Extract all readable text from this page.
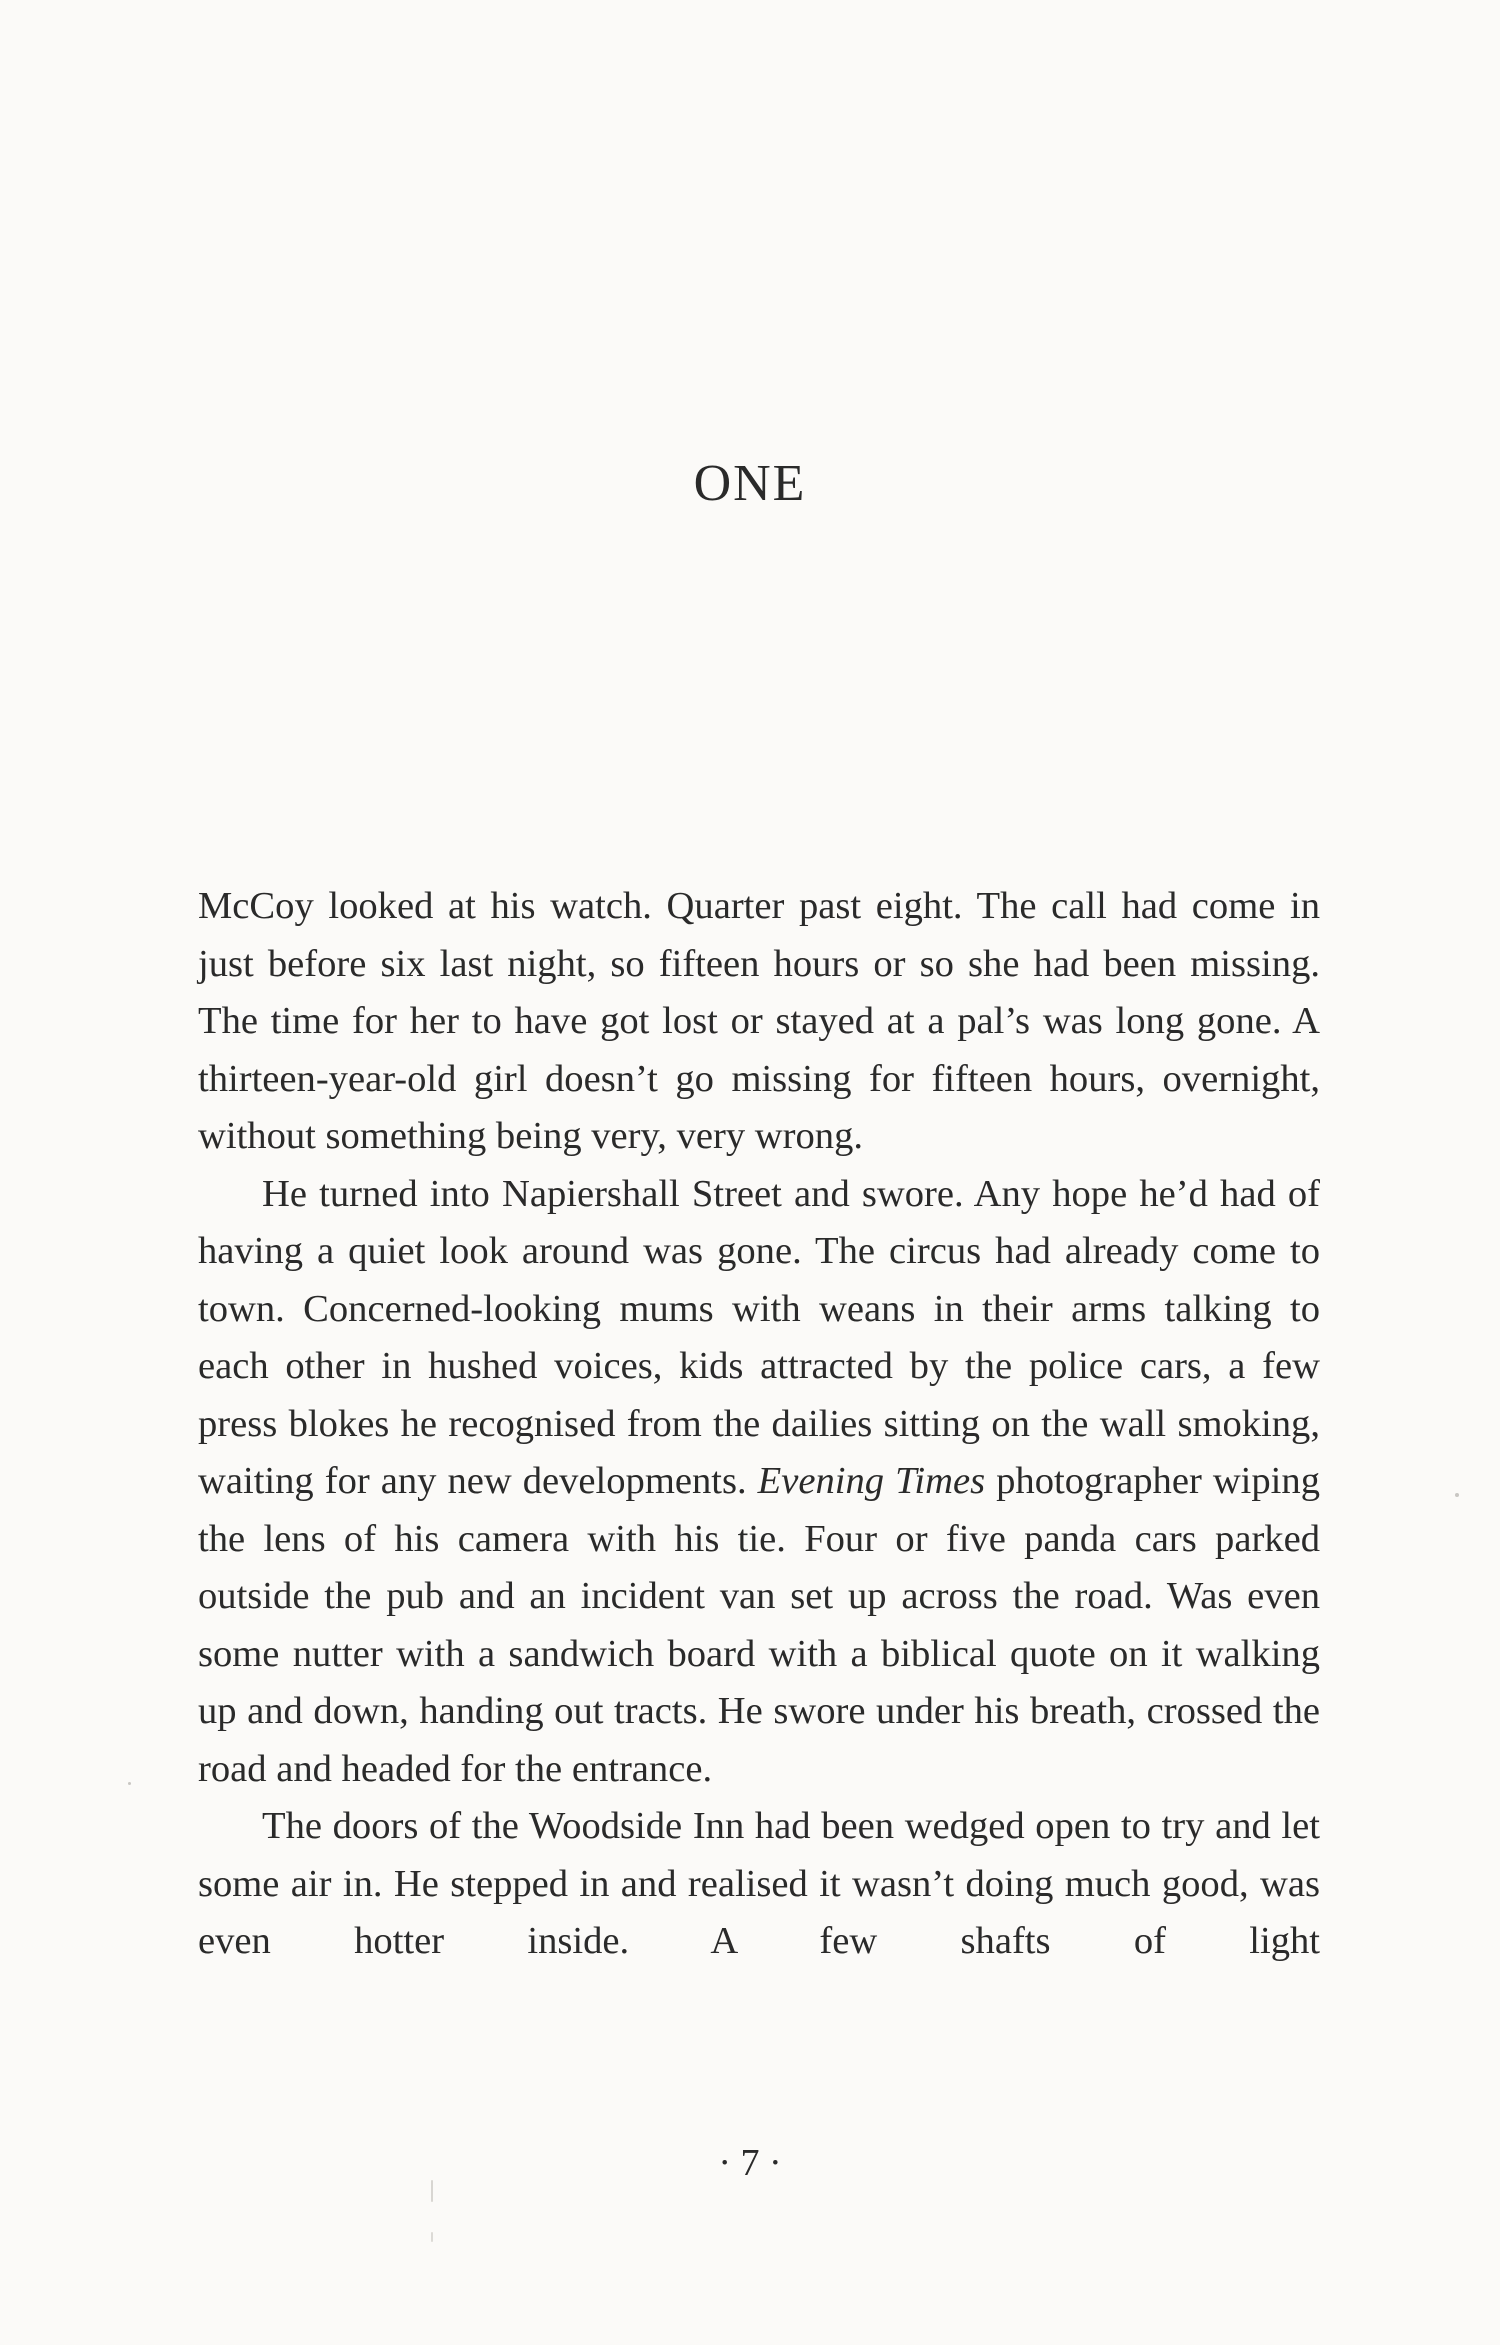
ONE

McCoy looked at his watch. Quarter past eight. The call had come in just before six last night, so fifteen hours or so she had been missing. The time for her to have got lost or stayed at a pal’s was long gone. A thirteen-year-old girl doesn’t go missing for fifteen hours, overnight, without something being very, very wrong.

He turned into Napiershall Street and swore. Any hope he’d had of having a quiet look around was gone. The circus had already come to town. Concerned-looking mums with weans in their arms talking to each other in hushed voices, kids attracted by the police cars, a few press blokes he recognised from the dailies sitting on the wall smoking, waiting for any new developments. Evening Times photographer wiping the lens of his camera with his tie. Four or five panda cars parked outside the pub and an incident van set up across the road. Was even some nutter with a sandwich board with a biblical quote on it walking up and down, handing out tracts. He swore under his breath, crossed the road and headed for the entrance.

The doors of the Woodside Inn had been wedged open to try and let some air in. He stepped in and realised it wasn’t doing much good, was even hotter inside. A few shafts of light

· 7 ·
